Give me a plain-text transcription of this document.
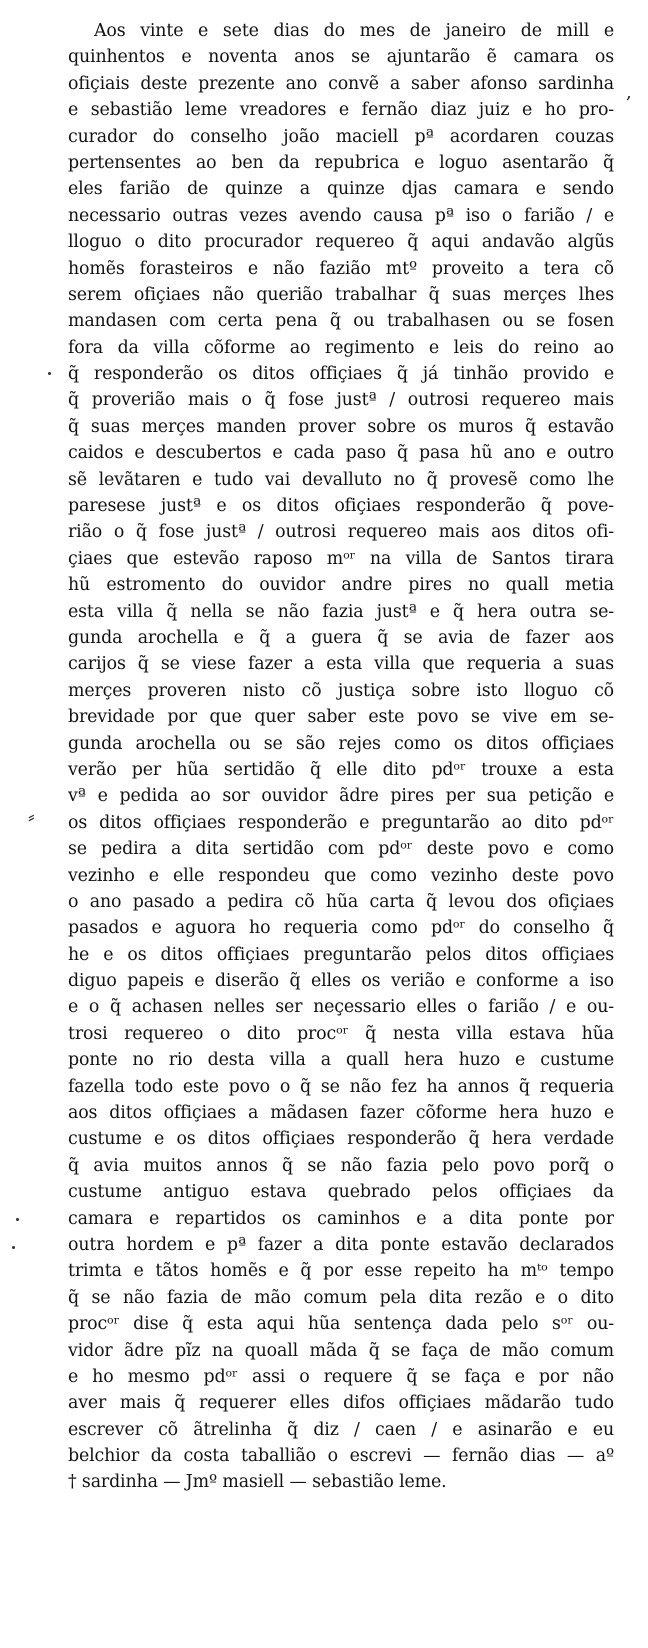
Aos vinte e sete dias do mes de janeiro de mill e
quinhentos e noventa anos se ajuntarão ẽ camara os
ofiçiais deste prezente ano convẽ a saber afonso sardinha
e sebastião leme vreadores e fernão diaz juiz e ho pro-
curador do conselho joão maciell pª acordaren couzas
pertensentes ao ben da repubrica e loguo asentarão q̃
eles farião de quinze a quinze djas camara e sendo
necessario outras vezes avendo causa pª iso o farião / e
lloguo o dito procurador requereo q̃ aqui andavão algũs
homẽs forasteiros e não fazião mtº proveito a tera cõ
serem ofiçiaes não querião trabalhar q̃ suas merçes lhes
mandasen com certa pena q̃ ou trabalhasen ou se fosen
fora da villa cõforme ao regimento e leis do reino ao
q̃ responderão os ditos offiçiaes q̃ já tinhão provido e
q̃ proverião mais o q̃ fose justª / outrosi requereo mais
q̃ suas merçes manden prover sobre os muros q̃ estavão
caidos e descubertos e cada paso q̃ pasa hũ ano e outro
sẽ levãtaren e tudo vai devalluto no q̃ provesẽ como lhe
paresese justª e os ditos ofiçiaes responderão q̃ pove-
rião o q̃ fose justª / outrosi requereo mais aos ditos ofi-
çiaes que estevão raposo mᵒʳ na villa de Santos tirara
hũ estromento do ouvidor andre pires no quall metia
esta villa q̃ nella se não fazia justª e q̃ hera outra se-
gunda arochella e q̃ a guera q̃ se avia de fazer aos
carijos q̃ se viese fazer a esta villa que requeria a suas
merçes proveren nisto cõ justiça sobre isto lloguo cõ
brevidade por que quer saber este povo se vive em se-
gunda arochella ou se são rejes como os ditos offiçiaes
verão per hũa sertidão q̃ elle dito pdᵒʳ trouxe a esta
vª e pedida ao sor ouvidor ãdre pires per sua petição e
os ditos offiçiaes responderão e preguntarão ao dito pdᵒʳ
se pedira a dita sertidão com pdᵒʳ deste povo e como
vezinho e elle respondeu que como vezinho deste povo
o ano pasado a pedira cõ hũa carta q̃ levou dos ofiçiaes
pasados e aguora ho requeria como pdᵒʳ do conselho q̃
he e os ditos offiçiaes preguntarão pelos ditos offiçiaes
diguo papeis e diserão q̃ elles os verião e conforme a iso
e o q̃ achasen nelles ser neçessario elles o farião / e ou-
trosi requereo o dito procᵒʳ q̃ nesta villa estava hũa
ponte no rio desta villa a quall hera huzo e custume
fazella todo este povo o q̃ se não fez ha annos q̃ requeria
aos ditos offiçiaes a mãdasen fazer cõforme hera huzo e
custume e os ditos offiçiaes responderão q̃ hera verdade
q̃ avia muitos annos q̃ se não fazia pelo povo porq̃ o
custume antiguo estava quebrado pelos offiçiaes da
camara e repartidos os caminhos e a dita ponte por
outra hordem e pª fazer a dita ponte estavão declarados
trimta e tãtos homẽs e q̃ por esse repeito ha mᵗᵒ tempo
q̃ se não fazia de mão comum pela dita rezão e o dito
procᵒʳ dise q̃ esta aqui hũa sentença dada pelo sᵒʳ ou-
vidor ãdre pĩz na quoall mãda q̃ se faça de mão comum
e ho mesmo pdᵒʳ assi o requere q̃ se faça e por não
aver mais q̃ requerer elles difos offiçiaes mãdarão tudo
escrever cõ ãtrelinha q̃ diz / caen / e asinarão e eu
belchior da costa taballião o escrevi — fernão dias — aº
† sardinha — Jmº masiell — sebastião leme.
,
⸗
